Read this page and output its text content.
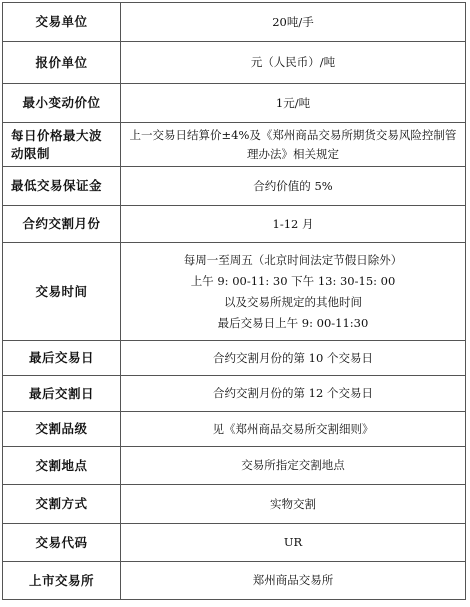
交易单位	20吨/手

报价单位	元（人民币）/吨

最小变动价位	1元/吨

每日价格最大波动限制	上一交易日结算价±4%及《郑州商品交易所期货交易风险控制管理办法》相关规定

最低交易保证金	合约价值的 5%

合约交割月份	1-12 月

交易时间	每周一至周五（北京时间法定节假日除外）
上午 9: 00-11: 30 下午 13: 30-15: 00
以及交易所规定的其他时间
最后交易日上午 9: 00-11:30

最后交易日	合约交割月份的第 10 个交易日

最后交割日	合约交割月份的第 12 个交易日

交割品级	见《郑州商品交易所交割细则》

交割地点	交易所指定交割地点

交割方式	实物交割

交易代码	UR

上市交易所	郑州商品交易所
